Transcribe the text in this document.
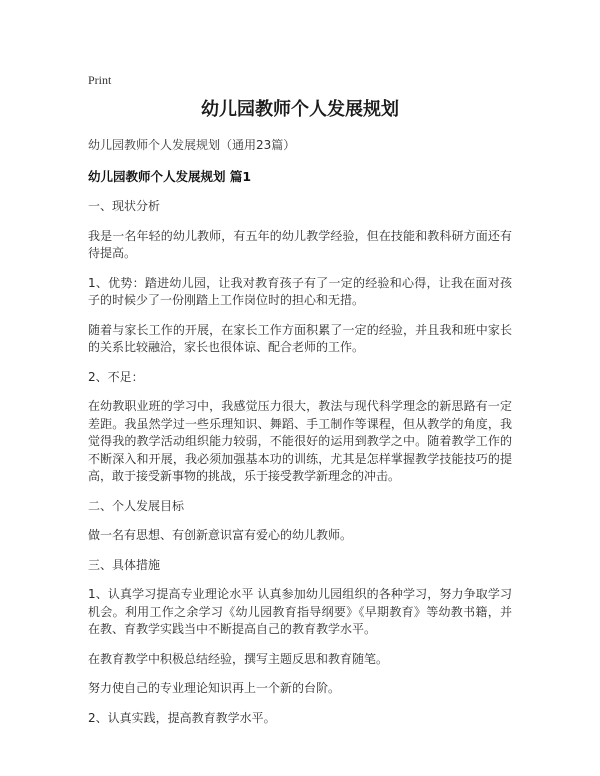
Print
幼儿园教师个人发展规划
幼儿园教师个人发展规划（通用23篇）
幼儿园教师个人发展规划 篇1

一、现状分析

我是一名年轻的幼儿教师，有五年的幼儿教学经验，但在技能和教科研方面还有待提高。

1、优势：踏进幼儿园，让我对教育孩子有了一定的经验和心得，让我在面对孩子的时候少了一份刚踏上工作岗位时的担心和无措。

随着与家长工作的开展，在家长工作方面积累了一定的经验，并且我和班中家长的关系比较融洽，家长也很体谅、配合老师的工作。

2、不足：

在幼教职业班的学习中，我感觉压力很大，教法与现代科学理念的新思路有一定差距。我虽然学过一些乐理知识、舞蹈、手工制作等课程，但从教学的角度，我觉得我的教学活动组织能力较弱，不能很好的运用到教学之中。随着教学工作的不断深入和开展，我必须加强基本功的训练，尤其是怎样掌握教学技能技巧的提高，敢于接受新事物的挑战，乐于接受教学新理念的冲击。

二、个人发展目标

做一名有思想、有创新意识富有爱心的幼儿教师。

三、具体措施

1、认真学习提高专业理论水平 认真参加幼儿园组织的各种学习，努力争取学习机会。利用工作之余学习《幼儿园教育指导纲要》《早期教育》等幼教书籍，并在教、育教学实践当中不断提高自己的教育教学水平。

在教育教学中积极总结经验，撰写主题反思和教育随笔。

努力使自己的专业理论知识再上一个新的台阶。

2、认真实践，提高教育教学水平。
